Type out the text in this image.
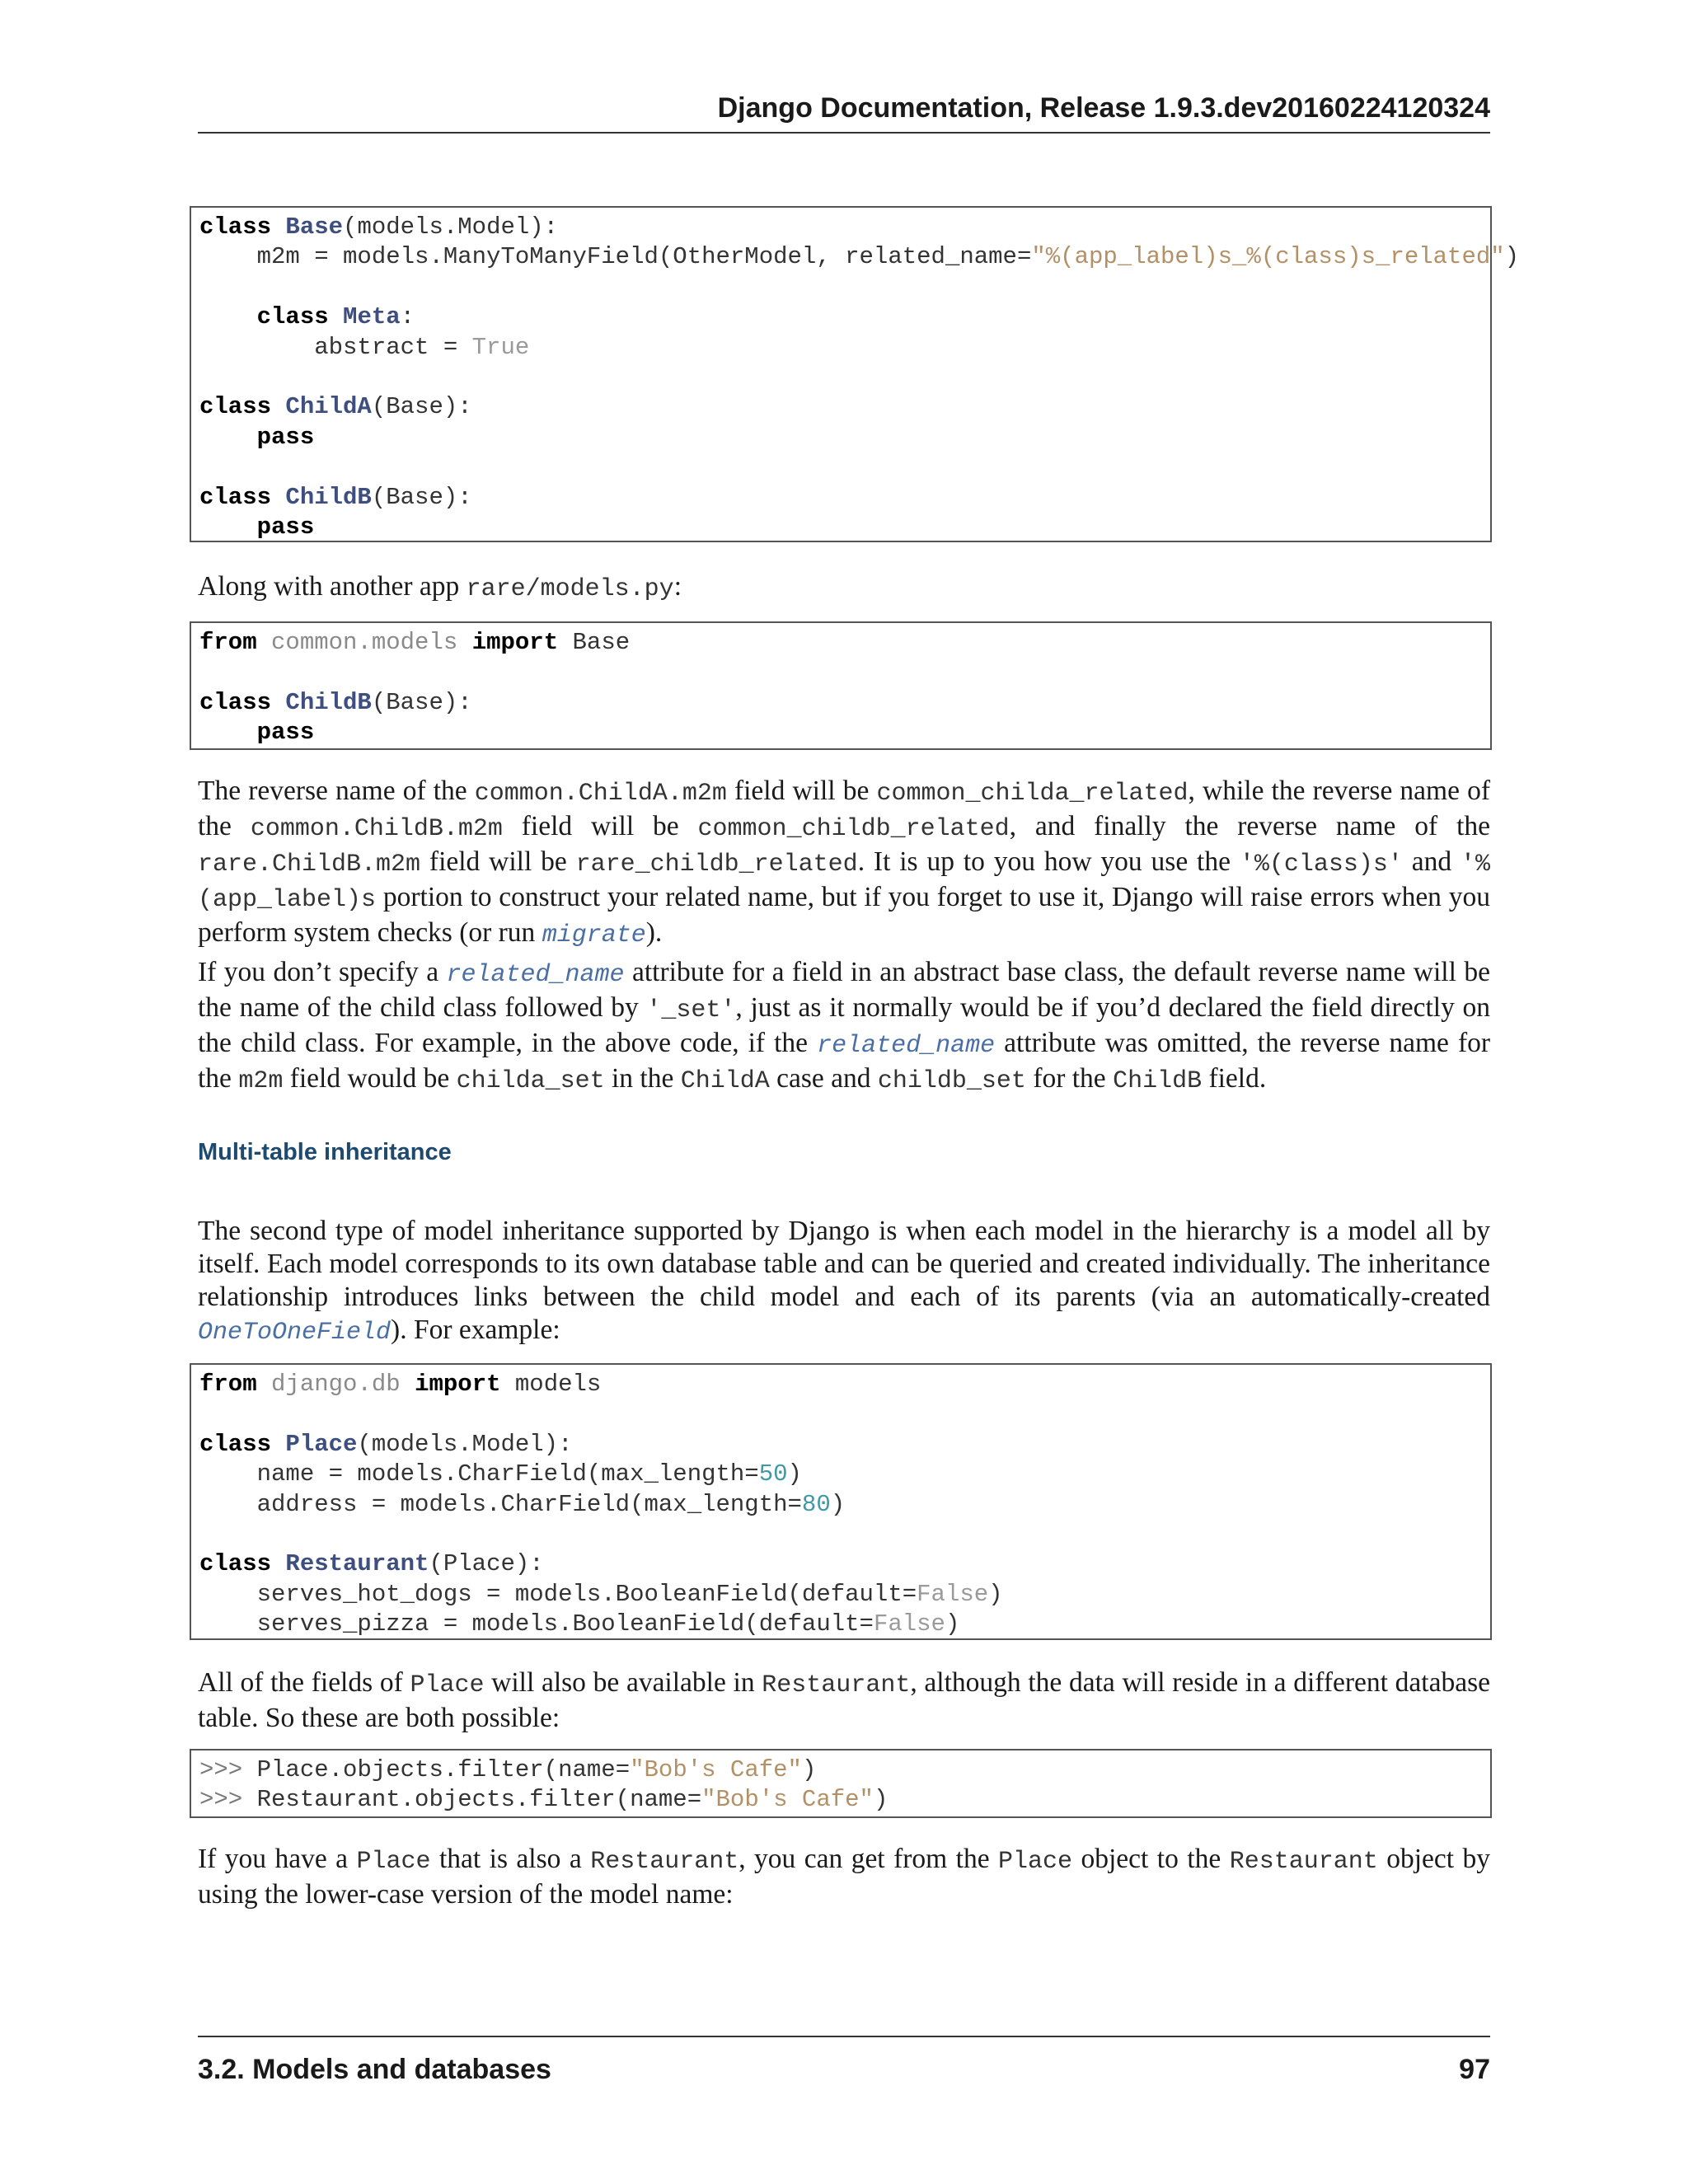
Django Documentation, Release 1.9.3.dev20160224120324
class Base(models.Model):
m2m = models.ManyToManyField(OtherModel, related_name="%(app_label)s_%(class)s_related")

class Meta:
abstract = True

class ChildA(Base):
pass

class ChildB(Base):
pass
Along with another app rare/models.py:
from common.models import Base

class ChildB(Base):
pass
The reverse name of the common.ChildA.m2m field will be common_childa_related, while the reverse name of the common.ChildB.m2m field will be common_childb_related, and finally the reverse name of the rare.ChildB.m2m field will be rare_childb_related. It is up to you how you use the '%(class)s' and '%(app_label)s portion to construct your related name, but if you forget to use it, Django will raise errors when you perform system checks (or run migrate).
If you don’t specify a related_name attribute for a field in an abstract base class, the default reverse name will be the name of the child class followed by '_set', just as it normally would be if you’d declared the field directly on the child class. For example, in the above code, if the related_name attribute was omitted, the reverse name for the m2m field would be childa_set in the ChildA case and childb_set for the ChildB field.
Multi-table inheritance
The second type of model inheritance supported by Django is when each model in the hierarchy is a model all by itself. Each model corresponds to its own database table and can be queried and created individually. The inheritance relationship introduces links between the child model and each of its parents (via an automatically-created OneToOneField). For example:
from django.db import models

class Place(models.Model):
name = models.CharField(max_length=50)
address = models.CharField(max_length=80)

class Restaurant(Place):
serves_hot_dogs = models.BooleanField(default=False)
serves_pizza = models.BooleanField(default=False)
All of the fields of Place will also be available in Restaurant, although the data will reside in a different database table. So these are both possible:
>>> Place.objects.filter(name="Bob's Cafe")
>>> Restaurant.objects.filter(name="Bob's Cafe")
If you have a Place that is also a Restaurant, you can get from the Place object to the Restaurant object by using the lower-case version of the model name:
3.2. Models and databases	97
